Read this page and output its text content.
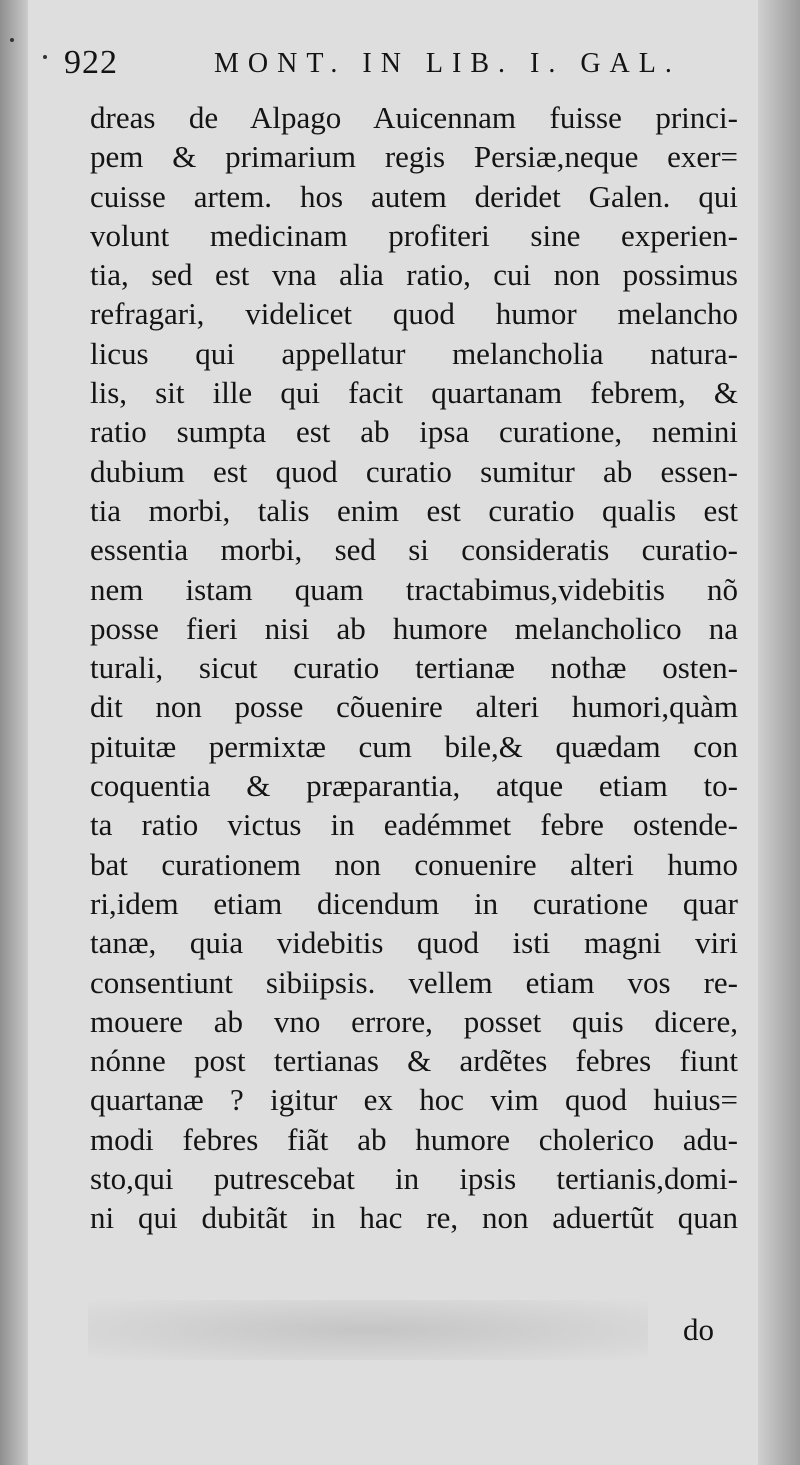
922	MONT. IN LIB. I. GAL.
dreas de Alpago Auicennam fuisse princi-
pem & primarium regis Persiæ,neque exer=
cuisse artem. hos autem deridet Galen. qui
volunt medicinam profiteri sine experien-
tia, sed est vna alia ratio, cui non possimus
refragari, videlicet quod humor melancho
licus qui appellatur melancholia natura-
lis, sit ille qui facit quartanam febrem, &
ratio sumpta est ab ipsa curatione, nemini
dubium est quod curatio sumitur ab essen-
tia morbi, talis enim est curatio qualis est
essentia morbi, sed si consideratis curatio-
nem istam quam tractabimus,videbitis nõ
posse fieri nisi ab humore melancholico na
turali, sicut curatio tertianæ nothæ osten-
dit non posse cõuenire alteri humori,quàm
pituitæ permixtæ cum bile,& quædam con
coquentia & præparantia, atque etiam to-
ta ratio victus in eadémmet febre ostende-
bat curationem non conuenire alteri humo
ri,idem etiam dicendum in curatione quar
tanæ, quia videbitis quod isti magni viri
consentiunt sibiipsis. vellem etiam vos re-
mouere ab vno errore, posset quis dicere,
nónne post tertianas & ardẽtes febres fiunt
quartanæ ? igitur ex hoc vim quod huius=
modi febres fiãt ab humore cholerico adu-
sto,qui putrescebat in ipsis tertianis,domi-
ni qui dubitãt in hac re, non aduertũt quan
do
